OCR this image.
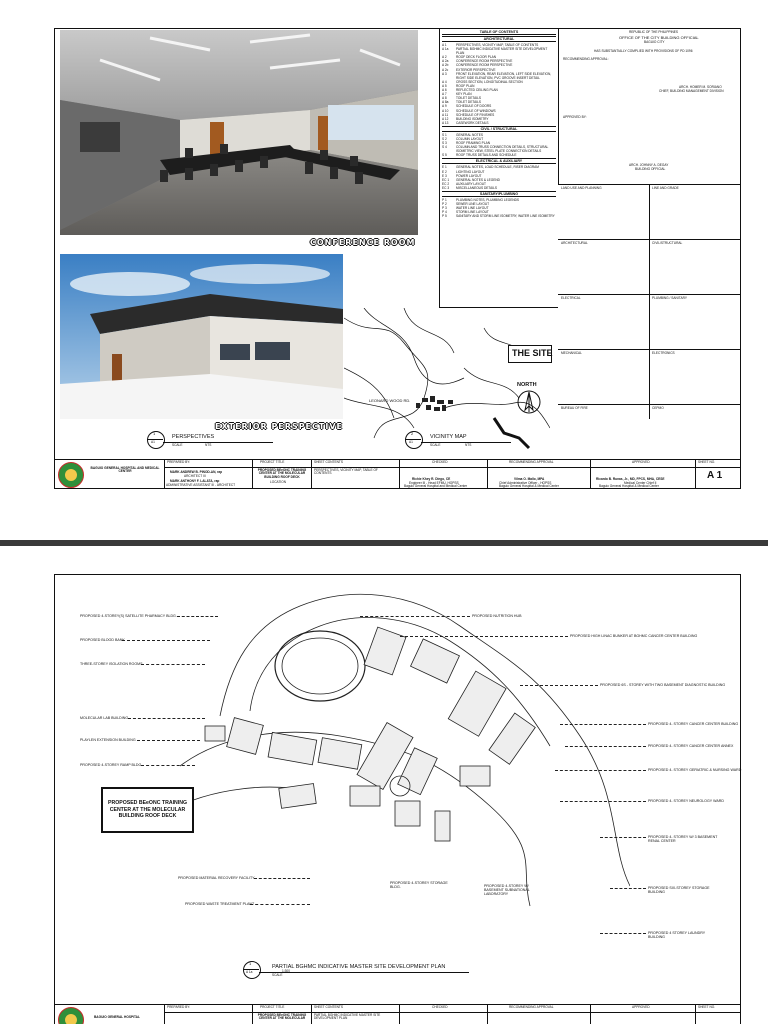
CONFERENCE ROOM
EXTERIOR PERSPECTIVE
1
A1
PERSPECTIVES
SCALE	NTS
LEONARD WOOD RD.
THE SITE
NORTH
2
A1
VICINITY MAP
SCALE	NTS
TABLE OF CONTENTS
ARCHITECTURAL
A 1	PERSPECTIVES, VICINITY MAP, TABLE OF CONTENTS
A 1a	PARTIAL BGHMC INDICATIVE MASTER SITE DEVELOPMENT PLAN
A 2	ROOF DECK FLOOR PLAN
A 2a	CONFERENCE ROOM PERSPECTIVE
A 2b	CONFERENCE ROOM PERSPECTIVE
A 2c	EXTERIOR PERSPECTIVE
A 3	FRONT ELEVATION, REAR ELEVATION, LEFT SIDE ELEVATION, RIGHT SIDE ELEVATION, PVC GROOVE INSERT DETAIL
A 4	CROSS SECTION, LONGITUDINAL SECTION
A 5	ROOF PLAN
A 6	REFLECTED CEILING PLAN
A 7	KEY PLAN
A 8	TOILET DETAILS
A 8a	TOILET DETAILS
A 9	SCHEDULE OF DOORS
A 10	SCHEDULE OF WINDOWS
A 11	SCHEDULE OF FINISHES
A 12	BUILDING ISOMETRY
A 13	CASEWORK DETAILS
CIVIL / STRUCTURAL
S 1	GENERAL NOTES
S 2	COLUMN LAYOUT
S 3	ROOF FRAMING PLAN
S 4	COLUMN AND TRUSS CONNECTION DETAILS, STRUCTURAL ISOMETRIC VIEW, STEEL PLATE CONNECTION DETAILS
S 5	ROOF TRUSS DETAILS AND SCHEDULE
ELECTRICAL & AUXILIARY
E 1	GENERAL NOTES, LOAD SCHEDULE, RISER DIAGRAM
E 2	LIGHTING LAYOUT
E 3	POWER LAYOUT
EC 1	GENERAL NOTES & LEGEND
EC 2	AUXILIARY LAYOUT
EC 3	MISCELLANEOUS DETAILS
SANITARY/PLUMBING
P 1	PLUMBING NOTES, PLUMBING LEGENDS
P 2	SEWER LINE LAYOUT
P 3	WATER LINE LAYOUT
P 4	STORM LINE LAYOUT
P 5	SANITARY AND STORM LINE ISOMETRY, WATER LINE ISOMETRY
REPUBLIC OF THE PHILIPPINES
OFFICE OF THE CITY BUILDING OFFICIAL
BAGUIO CITY
HAS SUBSTANTIALLY COMPLIED WITH PROVISIONS OF PD 1096
RECOMMENDING APPROVAL:
ARCH. HOMER M. SORIANO
CHIEF, BUILDING MANAGEMENT DIVISION
APPROVED BY:
ARCH. JOHNNY A. DEGAY
BUILDING OFFICIAL
LAND USE AND PLANNING	LINE AND GRADE
ARCHITECTURAL	CIVIL/STRUCTURAL
ELECTRICAL	PLUMBING / SANITARY
MECHANICAL	ELECTRONICS
BUREAU OF FIRE	CEPMO
BAGUIO GENERAL HOSPITAL AND MEDICAL CENTER
PREPARED BY:
MARK ANDREW B. PINOD-AN, rap
ARCHITECT III
MARK ANTHONY F. LALATA, rap
ADMINISTRATIVE ASSISTANT III - ARCHITECT
PROJECT TITLE
PROPOSED BEeONC TRAINING CENTER AT THE MOLECULAR BUILDING ROOF DECK
LOCATION
SHEET CONTENTS
PERSPECTIVES, VICINITY MAP, TABLE OF CONTENTS
CHECKED
Richie Khey R. Diego, CE
Engineer III - Head EFMU, HOPSS
Baguio General Hospital and Medical Center
RECOMMENDING APPROVAL
Vilma O. Mallo, MPA
Chief Administrative Officer - HOPSS
Baguio General Hospital & Medical Center
APPROVED
Ricardo B. Runas, Jr., MD, FPCS, MHA, CESE
Medical Center Chief II
Baguio General Hospital & Medical Center
SHEET NO.
A 1
PROPOSED 4-STOREY(S) SATELLITE PHARMACY BLDG.
PROPOSED BLOOD BANK
THREE-STOREY ISOLATION ROOMS
MOLECULAR LAB BUILDING
PLAYLEN EXTENSION BUILDING
PROPOSED 4-STOREY RAMP BLDG.
PROPOSED NUTRITION HUB
PROPOSED HIGH LINAC BUNKER AT BGHMC CANCER CENTER BUILDING
PROPOSED 6S - STOREY WITH TWO BASEMENT DIAGNOSTIC BUILDING
PROPOSED 4- STOREY CANCER CENTER BUILDING
PROPOSED 4- STOREY CANCER CENTER ANNEX
PROPOSED 4- STOREY GERIATRIC & NURSING WARD
PROPOSED 4- STOREY NEUROLOGY WARD
PROPOSED 4- STOREY W/ 3 BASEMENT RENAL CENTER
PROPOSED SIX-STOREY STORAGE BUILDING
PROPOSED 4 STOREY LAUNDRY BUILDING
PROPOSED MATERIAL RECOVERY FACILITY
PROPOSED WASTE TREATMENT PLANT
PROPOSED 4-STOREY STORAGE BLDG.	PROPOSED 4-STOREY W/ BASEMENT SUBNATIONAL LABORATORY
PROPOSED BEeONC TRAINING CENTER AT THE MOLECULAR BUILDING ROOF DECK
1
A 1a
PARTIAL BGHMC INDICATIVE MASTER SITE DEVELOPMENT PLAN
SCALE
1:300
BAGUIO GENERAL HOSPITAL
PREPARED BY:	PROJECT TITLE
PROPOSED BEeONC TRAINING CENTER AT THE MOLECULAR
SHEET CONTENTS
PARTIAL BGHMC INDICATIVE MASTER SITE DEVELOPMENT PLAN
CHECKED	RECOMMENDING APPROVAL	APPROVED	SHEET NO.
